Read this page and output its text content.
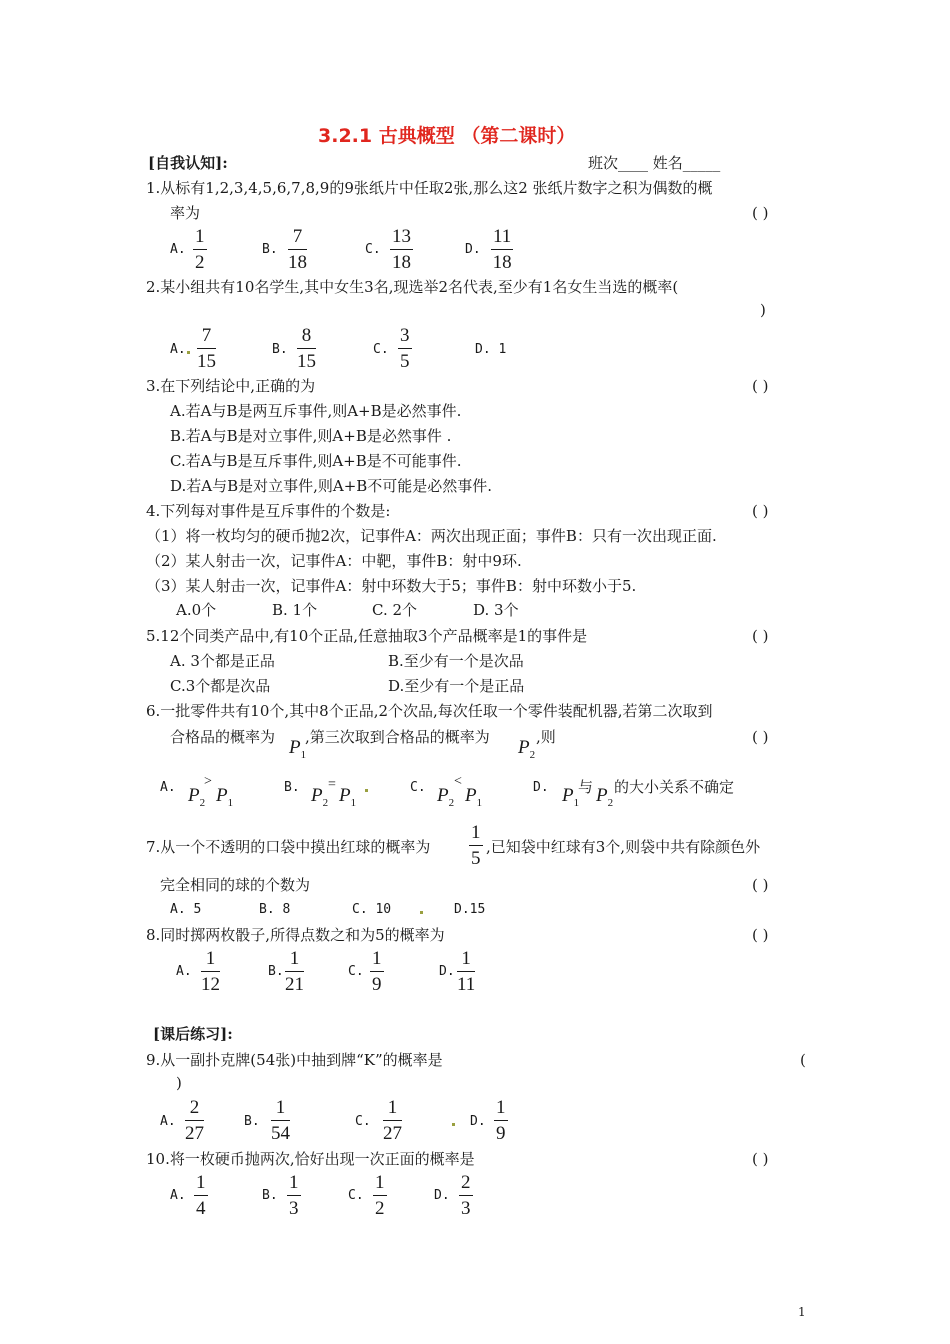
3.2.1 古典概型 （第二课时）
[自我认知]:	班次____ 姓名_____
1.从标有1,2,3,4,5,6,7,8,9的9张纸片中任取2张,那么这2 张纸片数字之积为偶数的概
率为	( )
A.
1
2
B.
7
18
C.
13
18
D.
11
18
2.某小组共有10名学生,其中女生3名,现选举2名代表,至少有1名女生当选的概率(
)
A.
7
15
B.
8
15
C.
3
5
D. 1
3.在下列结论中,正确的为	( )
A.若A与B是两互斥事件,则A+B是必然事件.
B.若A与B是对立事件,则A+B是必然事件 .
C.若A与B是互斥事件,则A+B是不可能事件.
D.若A与B是对立事件,则A+B不可能是必然事件.
4.下列每对事件是互斥事件的个数是:	( )
（1）将一枚均匀的硬币抛2次，记事件A：两次出现正面；事件B：只有一次出现正面.
（2）某人射击一次，记事件A：中靶，事件B：射中9环.
（3）某人射击一次，记事件A：射中环数大于5；事件B：射中环数小于5.
A.0个	B. 1个	C. 2个	D. 3个
5.12个同类产品中,有10个正品,任意抽取3个产品概率是1的事件是	( )
A. 3个都是正品	B.至少有一个是次品
C.3个都是次品	D.至少有一个是正品
6.一批零件共有10个,其中8个正品,2个次品,每次任取一个零件装配机器,若第二次取到
合格品的概率为 $P_1$
,第三次取到合格品的概率为 $P_2$
,则	( )
A. $P_2$
>
$P_1$
B. $P_2$
=
$P_1$
C. $P_2$
<
$P_1$
D. $P_1$
与 $P_2$
的大小关系不确定
7.从一个不透明的口袋中摸出红球的概率为
1
5
,已知袋中红球有3个,则袋中共有除颜色外
完全相同的球的个数为	( )
A. 5	B. 8	C. 10	D.15
8.同时掷两枚骰子,所得点数之和为5的概率为	( )
A.
1
12
B.
1
21
C.
1
9
D.
1
11
[课后练习]:
9.从一副扑克牌(54张)中抽到牌“K”的概率是	(
)
A.
2
27
B.
1
54
C.
1
27
D.
1
9
10.将一枚硬币抛两次,恰好出现一次正面的概率是	( )
A.
1
4
B.
1
3
C.
1
2
D.
2
3
1
